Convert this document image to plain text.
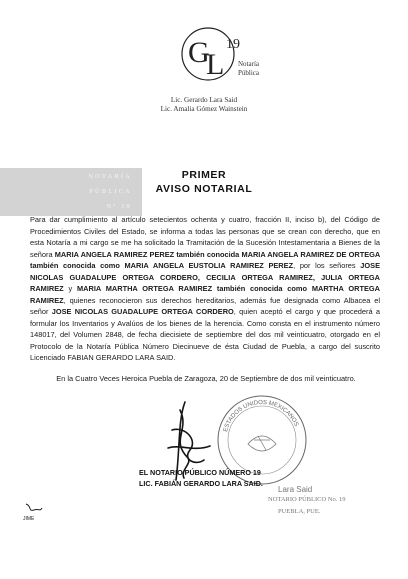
G
L
19
Notaría
Pública
Lic. Gerardo Lara Said
Lic. Amalia Gómez Wainstein
NOTARÍA
PÚBLICA
Nº 19
PRIMER
AVISO NOTARIAL
Para dar cumplimiento al artículo setecientos ochenta y cuatro, fracción II, inciso b), del Código de Procedimientos Civiles del Estado, se informa a todas las personas que se crean con derecho, que en esta Notaría a mi cargo se me ha solicitado la Tramitación de la Sucesión Intestamentaria a Bienes de la señora MARIA ANGELA RAMIREZ PEREZ también conocida MARIA ANGELA RAMIREZ DE ORTEGA también conocida como MARIA ANGELA EUSTOLIA RAMIREZ PEREZ, por los señores JOSE NICOLAS GUADALUPE ORTEGA CORDERO, CECILIA ORTEGA RAMIREZ, JULIA ORTEGA RAMIREZ y MARIA MARTHA ORTEGA RAMIREZ también conocida como MARTHA ORTEGA RAMIREZ, quienes reconocieron sus derechos hereditarios, además fue designada como Albacea el señor JOSE NICOLAS GUADALUPE ORTEGA CORDERO, quien aceptó el cargo y que procederá a formular los Inventarios y Avalúos de los bienes de la herencia. Como consta en el instrumento número 148017, del Volumen 2848, de fecha diecisiete de septiembre del dos mil veinticuatro, otorgado en el Protocolo de la Notaría Pública Número Diecinueve de ésta Ciudad de Puebla, a cargo del suscrito Licenciado FABIAN GERARDO LARA SAID.
En la Cuatro Veces Heroica Puebla de Zaragoza, 20 de Septiembre de dos mil veinticuatro.
ESTADOS UNIDOS MEXICANOS
EL NOTARIO PÚBLICO NÚMERO 19
LIC. FABIÁN GERARDO LARA SAID.
Lara Said
NOTARIO PÚBLICO No. 19
PUEBLA, PUE.
JIME
